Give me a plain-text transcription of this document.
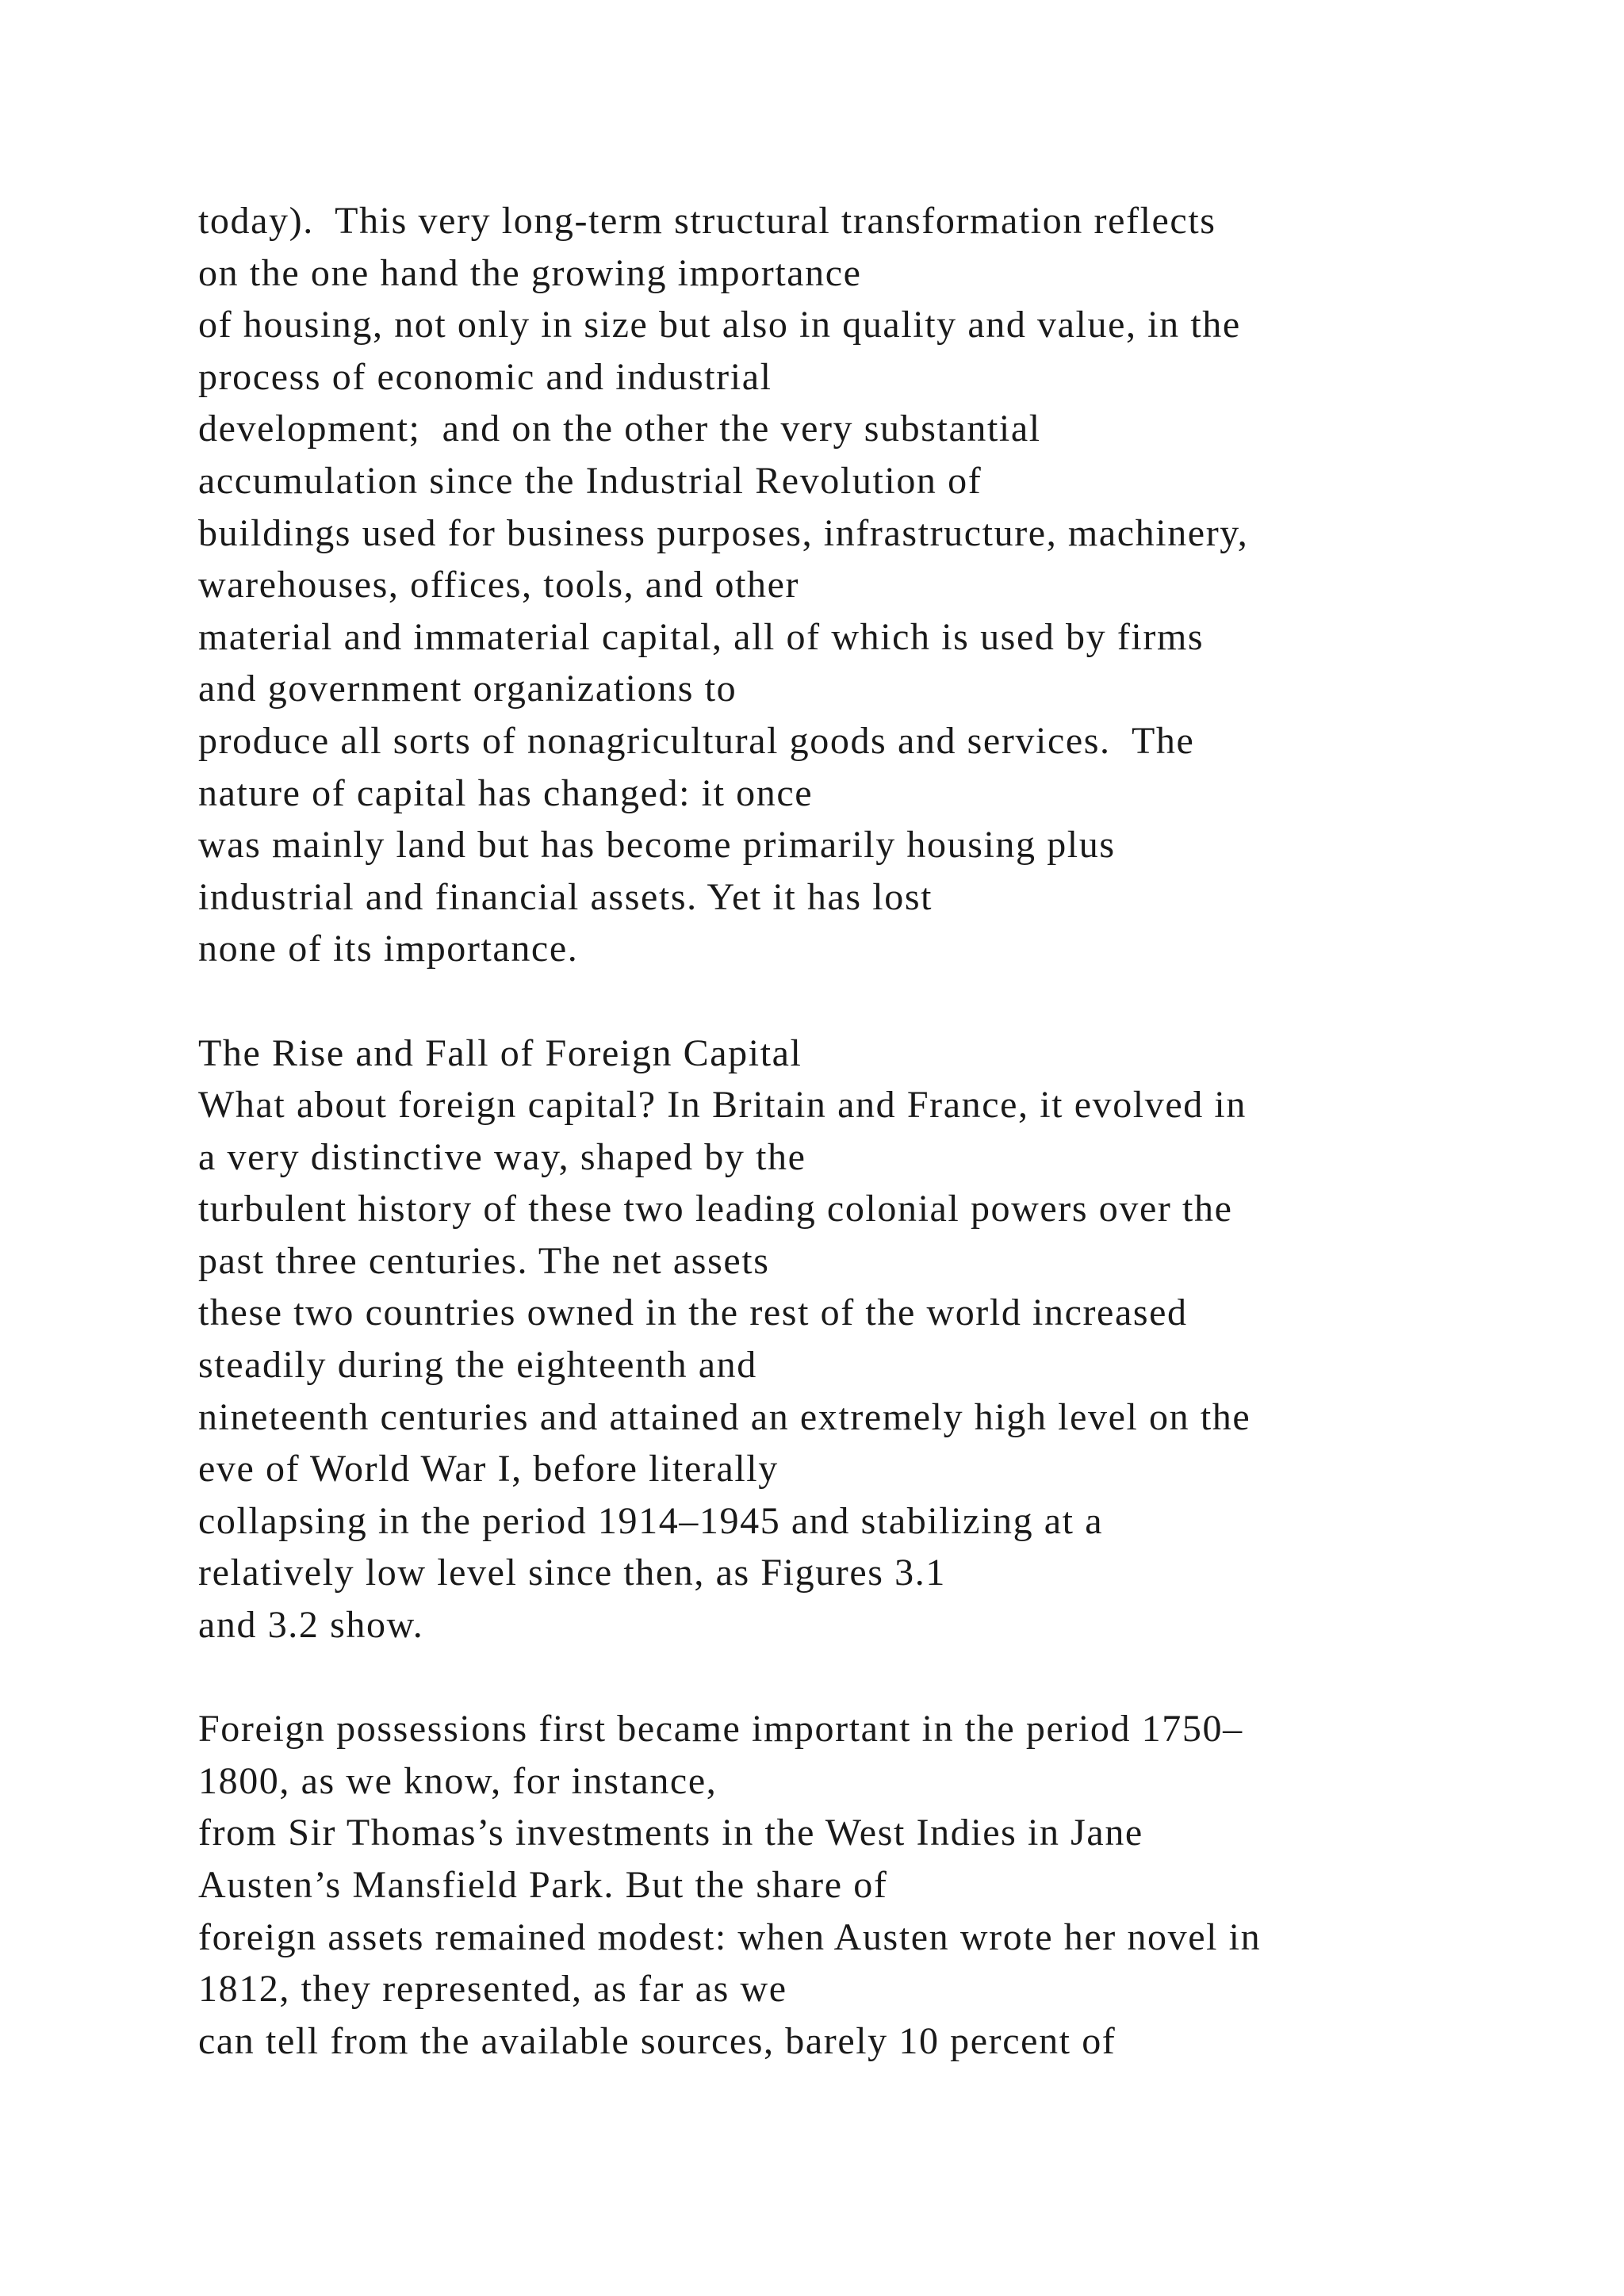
today).  This very long-term structural transformation reflects
on the one hand the growing importance
of housing, not only in size but also in quality and value, in the
process of economic and industrial
development;  and on the other the very substantial
accumulation since the Industrial Revolution of
buildings used for business purposes, infrastructure, machinery,
warehouses, offices, tools, and other
material and immaterial capital, all of which is used by firms
and government organizations to
produce all sorts of nonagricultural goods and services.  The
nature of capital has changed: it once
was mainly land but has become primarily housing plus
industrial and financial assets. Yet it has lost
none of its importance.
The Rise and Fall of Foreign Capital
What about foreign capital? In Britain and France, it evolved in
a very distinctive way, shaped by the
turbulent history of these two leading colonial powers over the
past three centuries. The net assets
these two countries owned in the rest of the world increased
steadily during the eighteenth and
nineteenth centuries and attained an extremely high level on the
eve of World War I, before literally
collapsing in the period 1914–1945 and stabilizing at a
relatively low level since then, as Figures 3.1
and 3.2 show.
Foreign possessions first became important in the period 1750–
1800, as we know, for instance,
from Sir Thomas’s investments in the West Indies in Jane
Austen’s Mansfield Park. But the share of
foreign assets remained modest: when Austen wrote her novel in
1812, they represented, as far as we
can tell from the available sources, barely 10 percent of
